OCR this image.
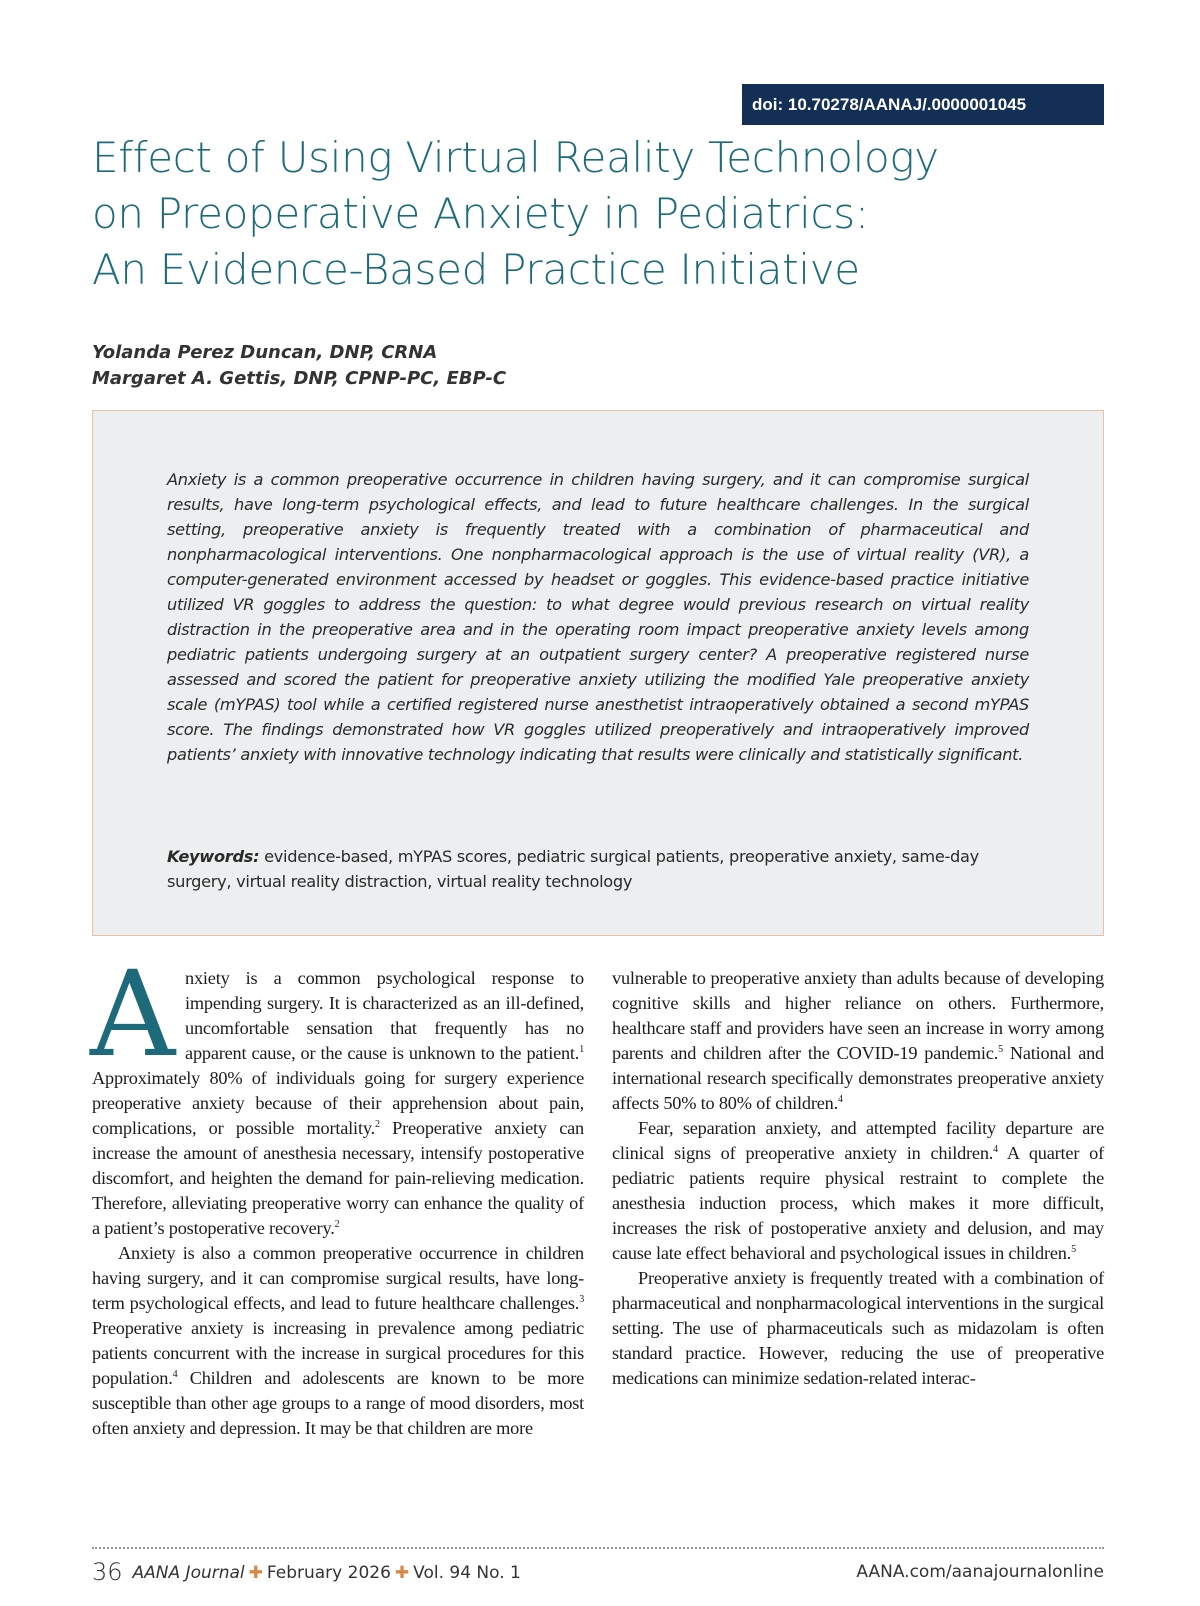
doi: 10.70278/AANAJ/.0000001045
Effect of Using Virtual Reality Technology
on Preoperative Anxiety in Pediatrics:
An Evidence-Based Practice Initiative
Yolanda Perez Duncan, DNP, CRNA
Margaret A. Gettis, DNP, CPNP-PC, EBP-C

Anxiety is a common preoperative occurrence in children having surgery, and it can compromise surgical results, have long-term psychological effects, and lead to future healthcare challenges. In the surgical setting, preoperative anxiety is frequently treated with a combination of pharmaceutical and nonpharmacological interventions. One nonpharmacological approach is the use of virtual reality (VR), a computer-generated environment accessed by headset or goggles. This evidence-based practice initiative utilized VR goggles to address the question: to what degree would previous research on virtual reality distraction in the preoperative area and in the operating room impact preoperative anxiety levels among pediatric patients undergoing surgery at an outpatient surgery center? A preoperative registered nurse assessed and scored the patient for preoperative anxiety utilizing the modified Yale preoperative anxiety scale (mYPAS) tool while a certified registered nurse anesthetist intraoperatively obtained a second mYPAS score. The findings demonstrated how VR goggles utilized preoperatively and intraoperatively improved patients’ anxiety with innovative technology indicating that results were clinically and statistically significant.

Keywords: evidence-based, mYPAS scores, pediatric surgical patients, preoperative anxiety, same-day surgery, virtual reality distraction, virtual reality technology

Anxiety is a common psychological response to impending surgery. It is characterized as an ill-defined, uncomfortable sensation that frequently has no apparent cause, or the cause is unknown to the patient.$^1$ Approximately 80% of individuals going for surgery experience preoperative anxiety because of their apprehension about pain, complications, or possible mortality.$^2$ Preoperative anxiety can increase the amount of anesthesia necessary, intensify postoperative discomfort, and heighten the demand for pain-relieving medication. Therefore, alleviating preoperative worry can enhance the quality of a patient’s postoperative recovery.$^2$

Anxiety is also a common preoperative occurrence in children having surgery, and it can compromise surgical results, have long-term psychological effects, and lead to future healthcare challenges.$^3$ Preoperative anxiety is increasing in prevalence among pediatric patients concurrent with the increase in surgical procedures for this population.$^4$ Children and adolescents are known to be more susceptible than other age groups to a range of mood disorders, most often anxiety and depression. It may be that children are more

vulnerable to preoperative anxiety than adults because of developing cognitive skills and higher reliance on others. Furthermore, healthcare staff and providers have seen an increase in worry among parents and children after the COVID-19 pandemic.$^5$ National and international research specifically demonstrates preoperative anxiety affects 50% to 80% of children.$^4$

Fear, separation anxiety, and attempted facility departure are clinical signs of preoperative anxiety in children.$^4$ A quarter of pediatric patients require physical restraint to complete the anesthesia induction process, which makes it more difficult, increases the risk of postoperative anxiety and delusion, and may cause late effect behavioral and psychological issues in children.$^5$

Preoperative anxiety is frequently treated with a combination of pharmaceutical and nonpharmacological interventions in the surgical setting. The use of pharmaceuticals such as midazolam is often standard practice. However, reducing the use of preoperative medications can minimize sedation-related interac-

36 AANA Journal ✚ February 2026 ✚ Vol. 94 No. 1	AANA.com/aanajournalonline
